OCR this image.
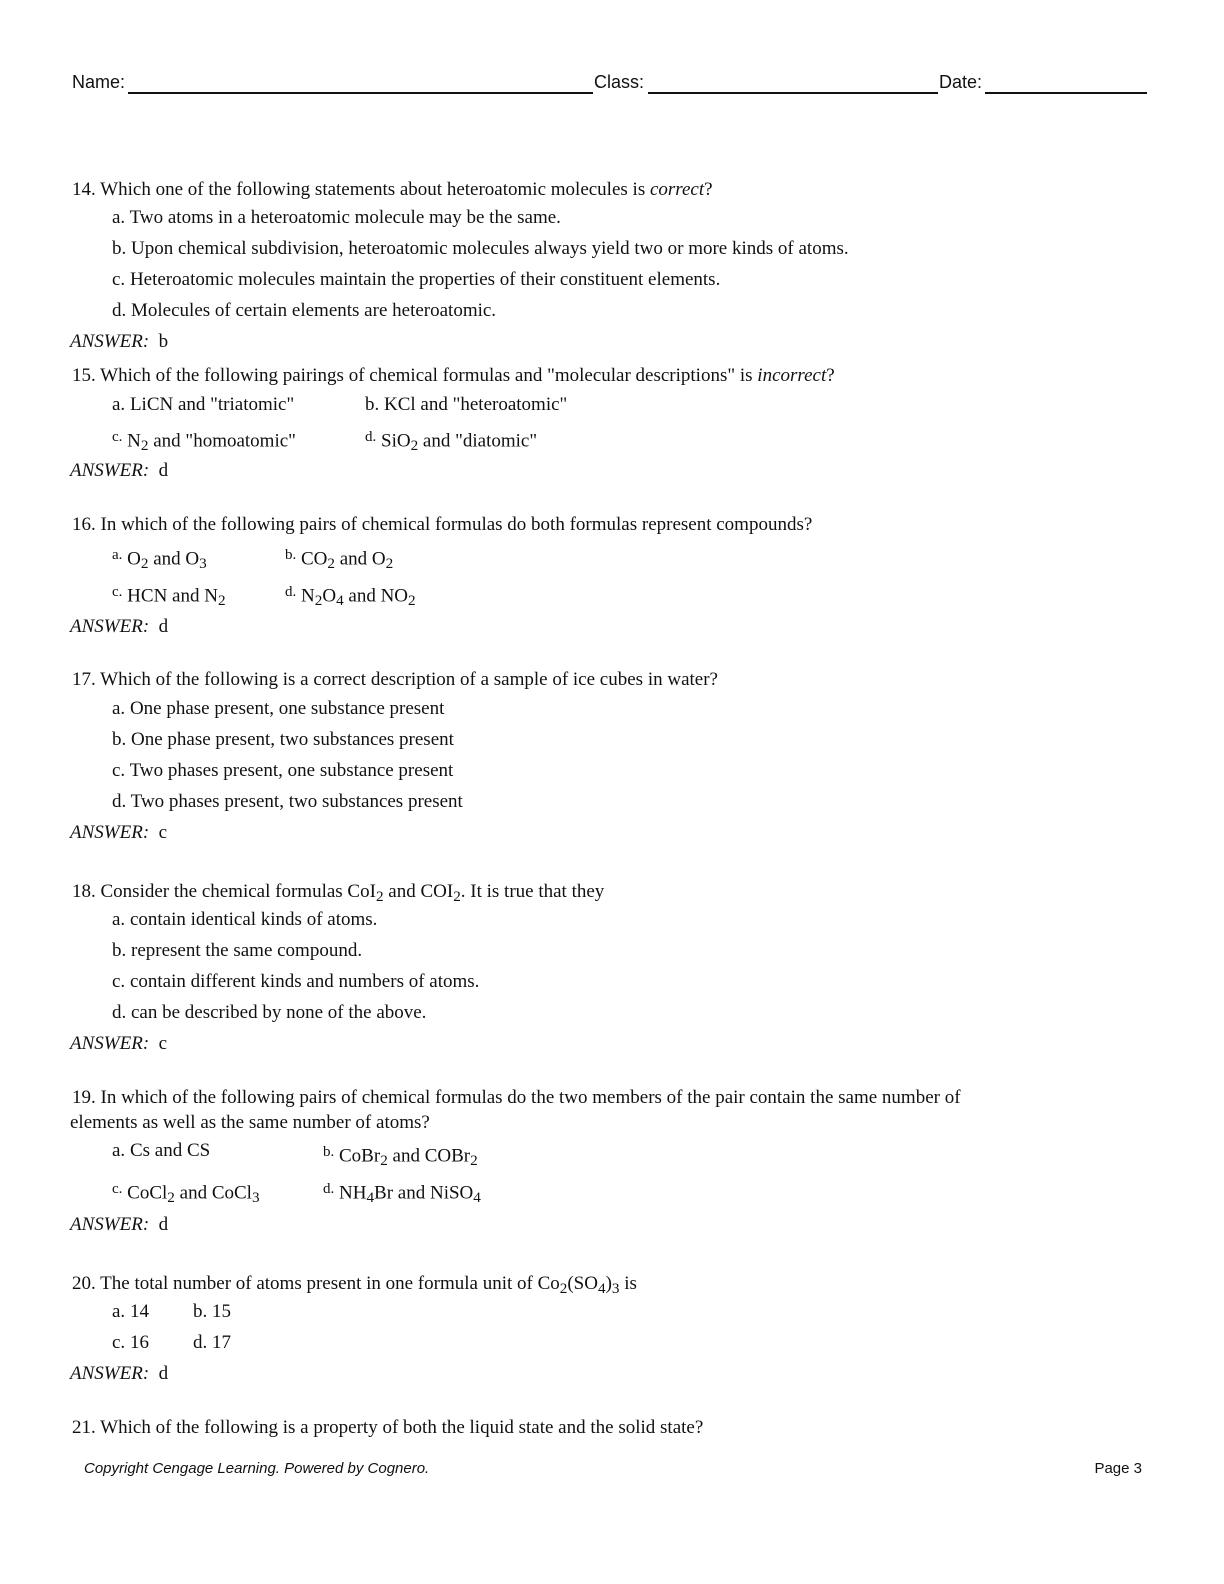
Name:	Class:	Date:
14. Which one of the following statements about heteroatomic molecules is correct?
a. Two atoms in a heteroatomic molecule may be the same.
b. Upon chemical subdivision, heteroatomic molecules always yield two or more kinds of atoms.
c. Heteroatomic molecules maintain the properties of their constituent elements.
d. Molecules of certain elements are heteroatomic.
ANSWER: b
15. Which of the following pairings of chemical formulas and "molecular descriptions" is incorrect?
a. LiCN and "triatomic"	b. KCl and "heteroatomic"
$^{c.}$ $N_2$ and "homoatomic"	$^{d.}$ SiO$_2$ and "diatomic"
ANSWER: d
16. In which of the following pairs of chemical formulas do both formulas represent compounds?
$^{a.}$ $O_2$ and $O_3$
$^{b.}$ $CO_2$ and $O_2$
$^{c.}$ HCN and $N_2$
$^{d.}$ $N_2O_4$ and $NO_2$
ANSWER: d
17. Which of the following is a correct description of a sample of ice cubes in water?
a. One phase present, one substance present
b. One phase present, two substances present
c. Two phases present, one substance present
d. Two phases present, two substances present
ANSWER: c
18. Consider the chemical formulas CoI$_2$ and $COI_2$. It is true that they
a. contain identical kinds of atoms.
b. represent the same compound.
c. contain different kinds and numbers of atoms.
d. can be described by none of the above.
ANSWER: c
19. In which of the following pairs of chemical formulas do the two members of the pair contain the same number of
elements as well as the same number of atoms?
a. Cs and CS	$^{b.}$ CoBr$_2$ and COBr$_2$
$^{c.}$ CoCl$_2$ and CoCl$_3$
$^{d.}$ $NH_4Br$ and NiSO$_4$
ANSWER: d
20. The total number of atoms present in one formula unit of $Co_2(SO_4)_3$ is
a. 14 b. 15
c. 16 d. 17
ANSWER: d
21. Which of the following is a property of both the liquid state and the solid state?
Copyright Cengage Learning. Powered by Cognero.	Page 3
